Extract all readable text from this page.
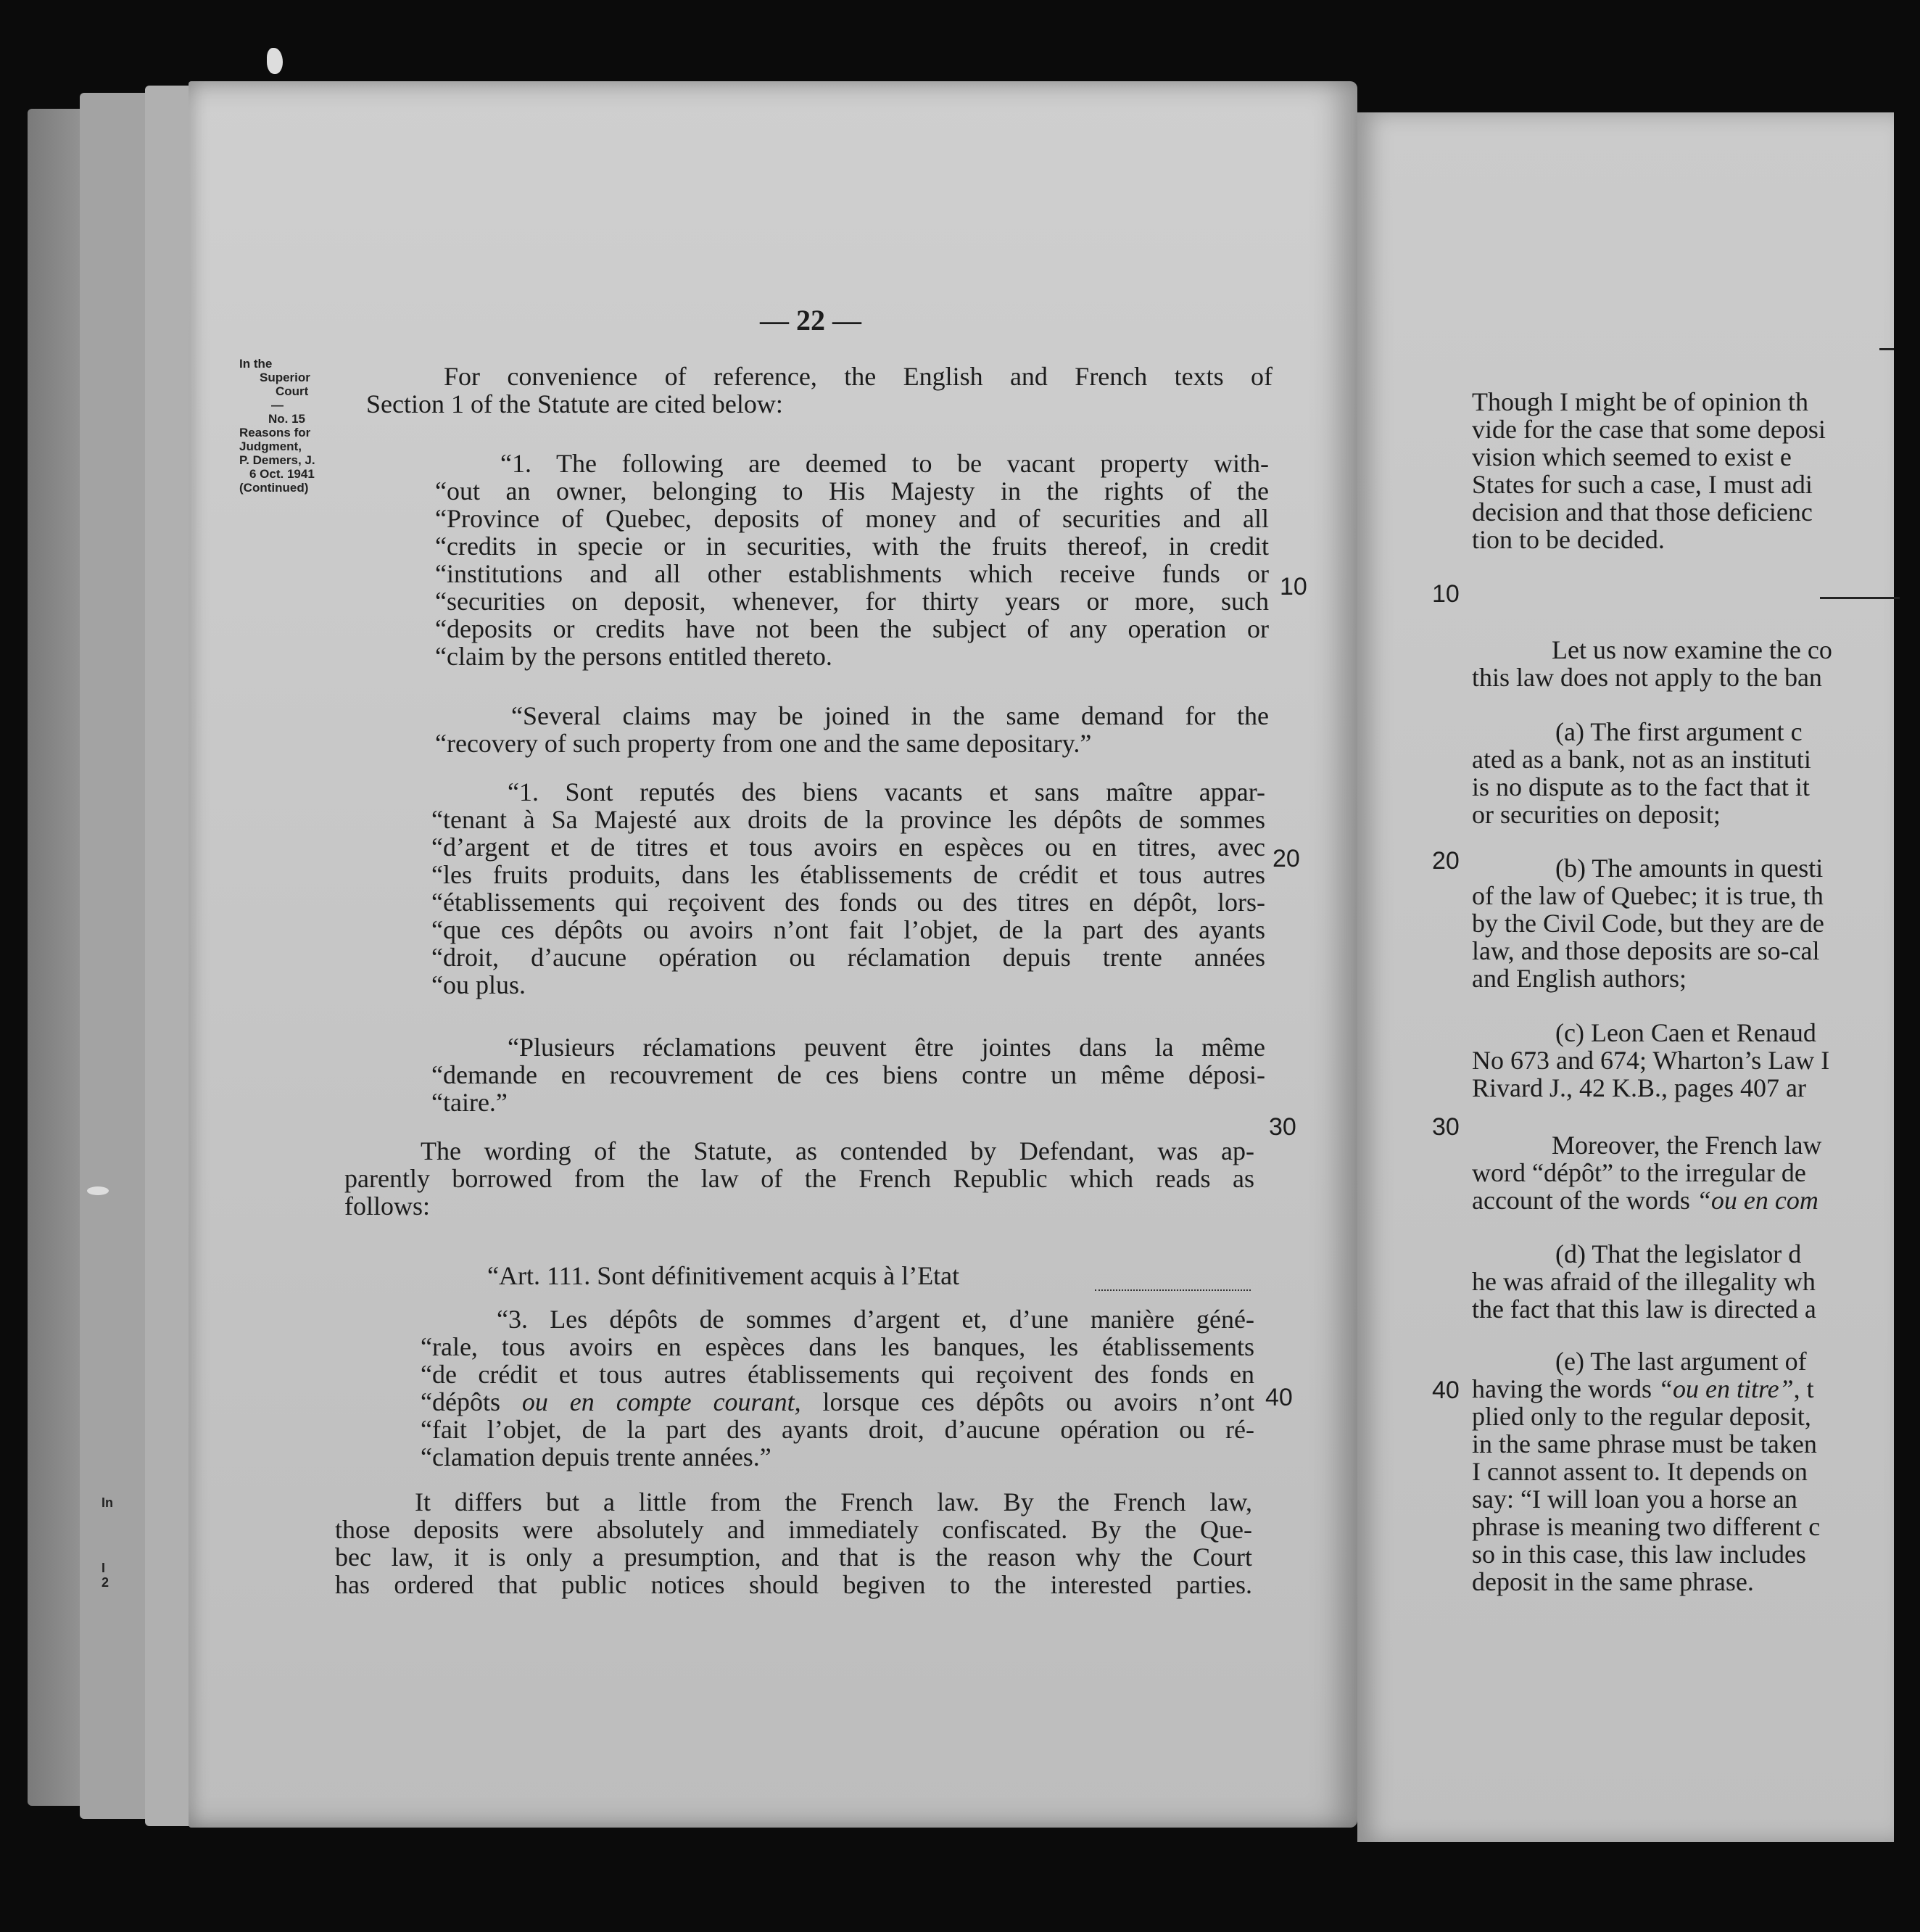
In
I
2
— 22 —
In the
Superior
Court
—
No. 15
Reasons for
Judgment,
P. Demers, J.
6 Oct. 1941
(Continued)
For convenience of reference, the English and French texts of
Section 1 of the Statute are cited below:
“1. The following are deemed to be vacant property with-
“out an owner, belonging to His Majesty in the rights of the
“Province of Quebec, deposits of money and of securities and all
“credits in specie or in securities, with the fruits thereof, in credit
“institutions and all other establishments which receive funds or
“securities on deposit, whenever, for thirty years or more, such
“deposits or credits have not been the subject of any operation or
“claim by the persons entitled thereto.
“Several claims may be joined in the same demand for the
“recovery of such property from one and the same depositary.”
“1. Sont reputés des biens vacants et sans maître appar-
“tenant à Sa Majesté aux droits de la province les dépôts de sommes
“d’argent et de titres et tous avoirs en espèces ou en titres, avec
“les fruits produits, dans les établissements de crédit et tous autres
“établissements qui reçoivent des fonds ou des titres en dépôt, lors-
“que ces dépôts ou avoirs n’ont fait l’objet, de la part des ayants
“droit, d’aucune opération ou réclamation depuis trente années
“ou plus.
“Plusieurs réclamations peuvent être jointes dans la même
“demande en recouvrement de ces biens contre un même déposi-
“taire.”
The wording of the Statute, as contended by Defendant, was ap-
parently borrowed from the law of the French Republic which reads as
follows:
“Art. 111. Sont définitivement acquis à l’Etat
“3. Les dépôts de sommes d’argent et, d’une manière géné-
“rale, tous avoirs en espèces dans les banques, les établissements
“de crédit et tous autres établissements qui reçoivent des fonds en
“dépôts ou en compte courant, lorsque ces dépôts ou avoirs n’ont
“fait l’objet, de la part des ayants droit, d’aucune opération ou ré-
“clamation depuis trente années.”
It differs but a little from the French law. By the French law,
those deposits were absolutely and immediately confiscated. By the Que-
bec law, it is only a presumption, and that is the reason why the Court
has ordered that public notices should begiven to the interested parties.
10
20
30
40
10
20
30
40
Though I might be of opinion th
vide for the case that some deposi
vision which seemed to exist e
States for such a case, I must adi
decision and that those deficienc
tion to be decided.
Let us now examine the co
this law does not apply to the ban
(a) The first argument c
ated as a bank, not as an instituti
is no dispute as to the fact that it
or securities on deposit;
(b) The amounts in questi
of the law of Quebec; it is true, th
by the Civil Code, but they are de
law, and those deposits are so-cal
and English authors;
(c) Leon Caen et Renaud
No 673 and 674; Wharton’s Law I
Rivard J., 42 K.B., pages 407 ar
Moreover, the French law
word “dépôt” to the irregular de
account of the words “ou en com
(d) That the legislator d
he was afraid of the illegality wh
the fact that this law is directed a
(e) The last argument of
having the words “ou en titre”, t
plied only to the regular deposit,
in the same phrase must be taken
I cannot assent to. It depends on
say: “I will loan you a horse an
phrase is meaning two different c
so in this case, this law includes
deposit in the same phrase.
